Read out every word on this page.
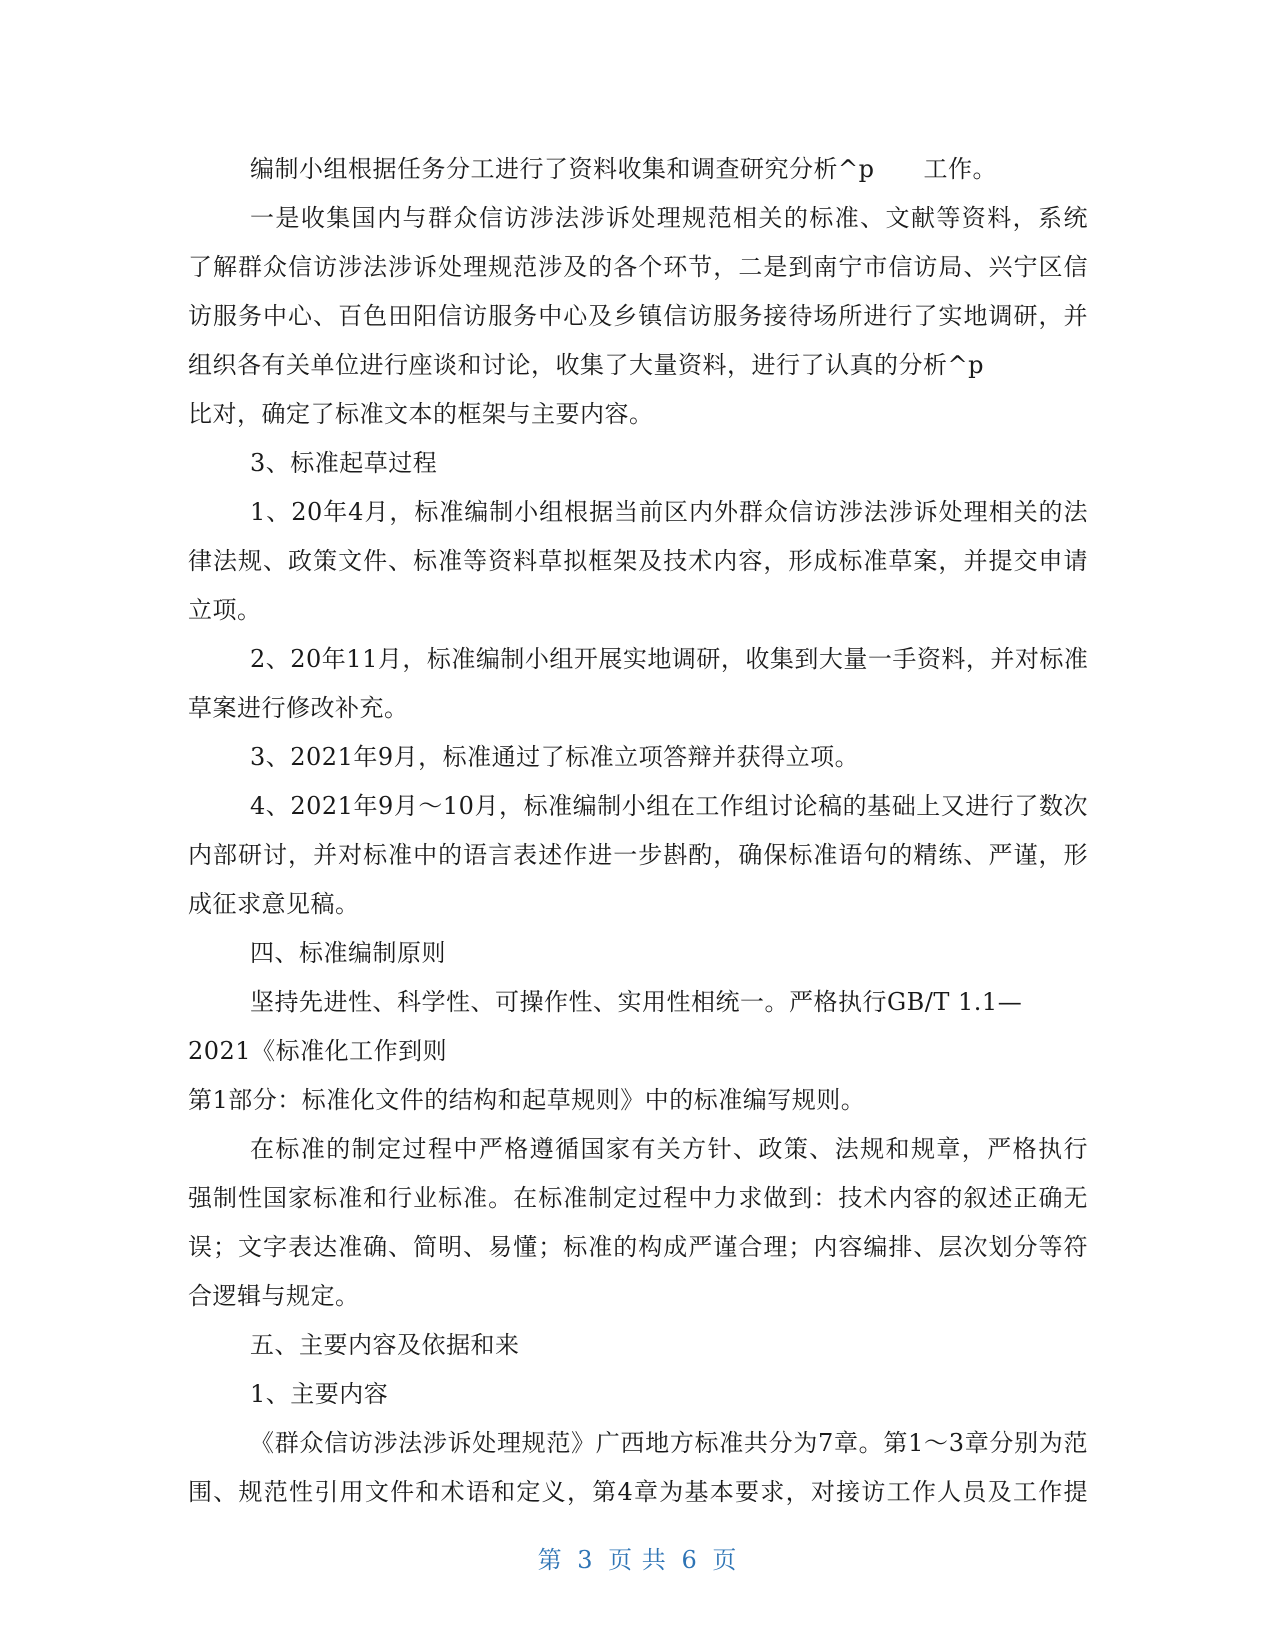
编制小组根据任务分工进行了资料收集和调查研究分析^p　　工作。
一是收集国内与群众信访涉法涉诉处理规范相关的标准、文献等资料，系统
了解群众信访涉法涉诉处理规范涉及的各个环节，二是到南宁市信访局、兴宁区信
访服务中心、百色田阳信访服务中心及乡镇信访服务接待场所进行了实地调研，并
组织各有关单位进行座谈和讨论，收集了大量资料，进行了认真的分析^p
比对，确定了标准文本的框架与主要内容。
3、标准起草过程
1、20年4月，标准编制小组根据当前区内外群众信访涉法涉诉处理相关的法
律法规、政策文件、标准等资料草拟框架及技术内容，形成标准草案，并提交申请
立项。
2、20年11月，标准编制小组开展实地调研，收集到大量一手资料，并对标准
草案进行修改补充。
3、2021年9月，标准通过了标准立项答辩并获得立项。
4、2021年9月～10月，标准编制小组在工作组讨论稿的基础上又进行了数次
内部研讨，并对标准中的语言表述作进一步斟酌，确保标准语句的精练、严谨，形
成征求意见稿。
四、标准编制原则
坚持先进性、科学性、可操作性、实用性相统一。严格执行GB/T 1.1—
2021《标准化工作到则
第1部分：标准化文件的结构和起草规则》中的标准编写规则。
在标准的制定过程中严格遵循国家有关方针、政策、法规和规章，严格执行
强制性国家标准和行业标准。在标准制定过程中力求做到：技术内容的叙述正确无
误；文字表达准确、简明、易懂；标准的构成严谨合理；内容编排、层次划分等符
合逻辑与规定。
五、主要内容及依据和来
1、主要内容
《群众信访涉法涉诉处理规范》广西地方标准共分为7章。第1～3章分别为范
围、规范性引用文件和术语和定义，第4章为基本要求，对接访工作人员及工作提
第 3 页 共 6 页
